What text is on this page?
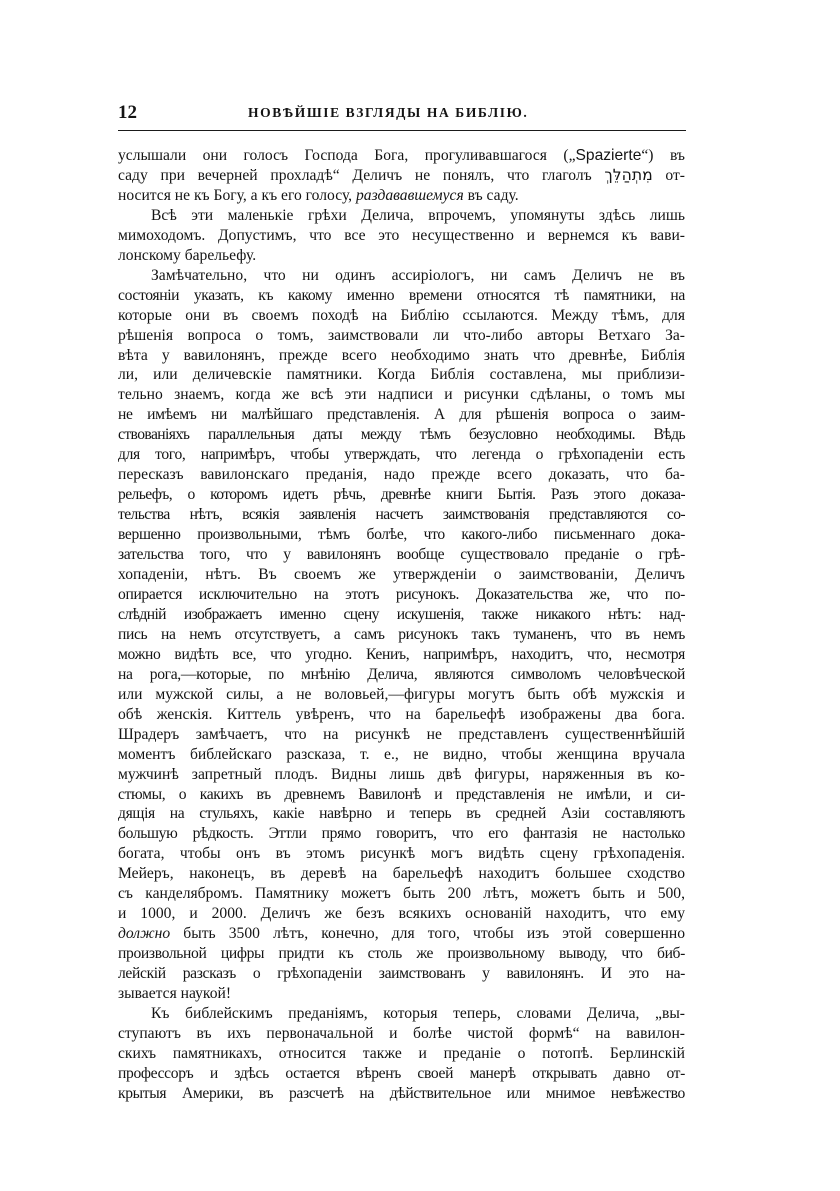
12	НОВѢЙШІЕ ВЗГЛЯДЫ НА БИБЛІЮ.
услышали они голосъ Господа Бога, прогуливавшагося („Spazierte“) въ
саду при вечерней прохладѣ“ Деличъ не понялъ, что глаголъ מִתְהַלֵּךְ от-
носится не къ Богу, а къ его голосу, раздававшемуся въ саду.
Всѣ эти маленькіе грѣхи Делича, впрочемъ, упомянуты здѣсь лишь
мимоходомъ. Допустимъ, что все это несущественно и вернемся къ вави-
лонскому барельефу.
Замѣчательно, что ни одинъ ассиріологъ, ни самъ Деличъ не въ
состояніи указать, къ какому именно времени относятся тѣ памятники, на
которые они въ своемъ походѣ на Библію ссылаются. Между тѣмъ, для
рѣшенія вопроса о томъ, заимствовали ли что-либо авторы Ветхаго За-
вѣта у вавилонянъ, прежде всего необходимо знать что древнѣе, Библія
ли, или деличевскіе памятники. Когда Библія составлена, мы приблизи-
тельно знаемъ, когда же всѣ эти надписи и рисунки сдѣланы, о томъ мы
не имѣемъ ни малѣйшаго представленія. А для рѣшенія вопроса о заим-
ствованіяхъ параллельныя даты между тѣмъ безусловно необходимы. Вѣдь
для того, напримѣръ, чтобы утверждать, что легенда о грѣхопаденіи есть
пересказъ вавилонскаго преданія, надо прежде всего доказать, что ба-
рельефъ, о которомъ идетъ рѣчь, древнѣе книги Бытія. Разъ этого доказа-
тельства нѣтъ, всякія заявленія насчетъ заимствованія представляются со-
вершенно произвольными, тѣмъ болѣе, что какого-либо письменнаго дока-
зательства того, что у вавилонянъ вообще существовало преданіе о грѣ-
хопаденіи, нѣтъ. Въ своемъ же утвержденіи о заимствованіи, Деличъ
опирается исключительно на этотъ рисунокъ. Доказательства же, что по-
слѣдній изображаетъ именно сцену искушенія, также никакого нѣтъ: над-
пись на немъ отсутствуетъ, а самъ рисунокъ такъ туманенъ, что въ немъ
можно видѣть все, что угодно. Кениъ, напримѣръ, находитъ, что, несмотря
на рога,—которые, по мнѣнію Делича, являются символомъ человѣческой
или мужской силы, а не воловьей,—фигуры могутъ быть обѣ мужскія и
обѣ женскія. Киттель увѣренъ, что на барельефѣ изображены два бога.
Шрадеръ замѣчаетъ, что на рисункѣ не представленъ существеннѣйшій
моментъ библейскаго разсказа, т. е., не видно, чтобы женщина вручала
мужчинѣ запретный плодъ. Видны лишь двѣ фигуры, наряженныя въ ко-
стюмы, о какихъ въ древнемъ Вавилонѣ и представленія не имѣли, и си-
дящія на стульяхъ, какіе навѣрно и теперь въ средней Азіи составляютъ
большую рѣдкость. Эттли прямо говоритъ, что его фантазія не настолько
богата, чтобы онъ въ этомъ рисункѣ могъ видѣть сцену грѣхопаденія.
Мейеръ, наконецъ, въ деревѣ на барельефѣ находитъ большее сходство
съ канделябромъ. Памятнику можетъ быть 200 лѣтъ, можетъ быть и 500,
и 1000, и 2000. Деличъ же безъ всякихъ основаній находитъ, что ему
должно быть 3500 лѣтъ, конечно, для того, чтобы изъ этой совершенно
произвольной цифры придти къ столь же произвольному выводу, что биб-
лейскій разсказъ о грѣхопаденіи заимствованъ у вавилонянъ. И это на-
зывается наукой!
Къ библейскимъ преданіямъ, которыя теперь, словами Делича, „вы-
ступаютъ въ ихъ первоначальной и болѣе чистой формѣ“ на вавилон-
скихъ памятникахъ, относится также и преданіе о потопѣ. Берлинскій
профессоръ и здѣсь остается вѣренъ своей манерѣ открывать давно от-
крытыя Америки, въ разсчетѣ на дѣйствительное или мнимое невѣжество
